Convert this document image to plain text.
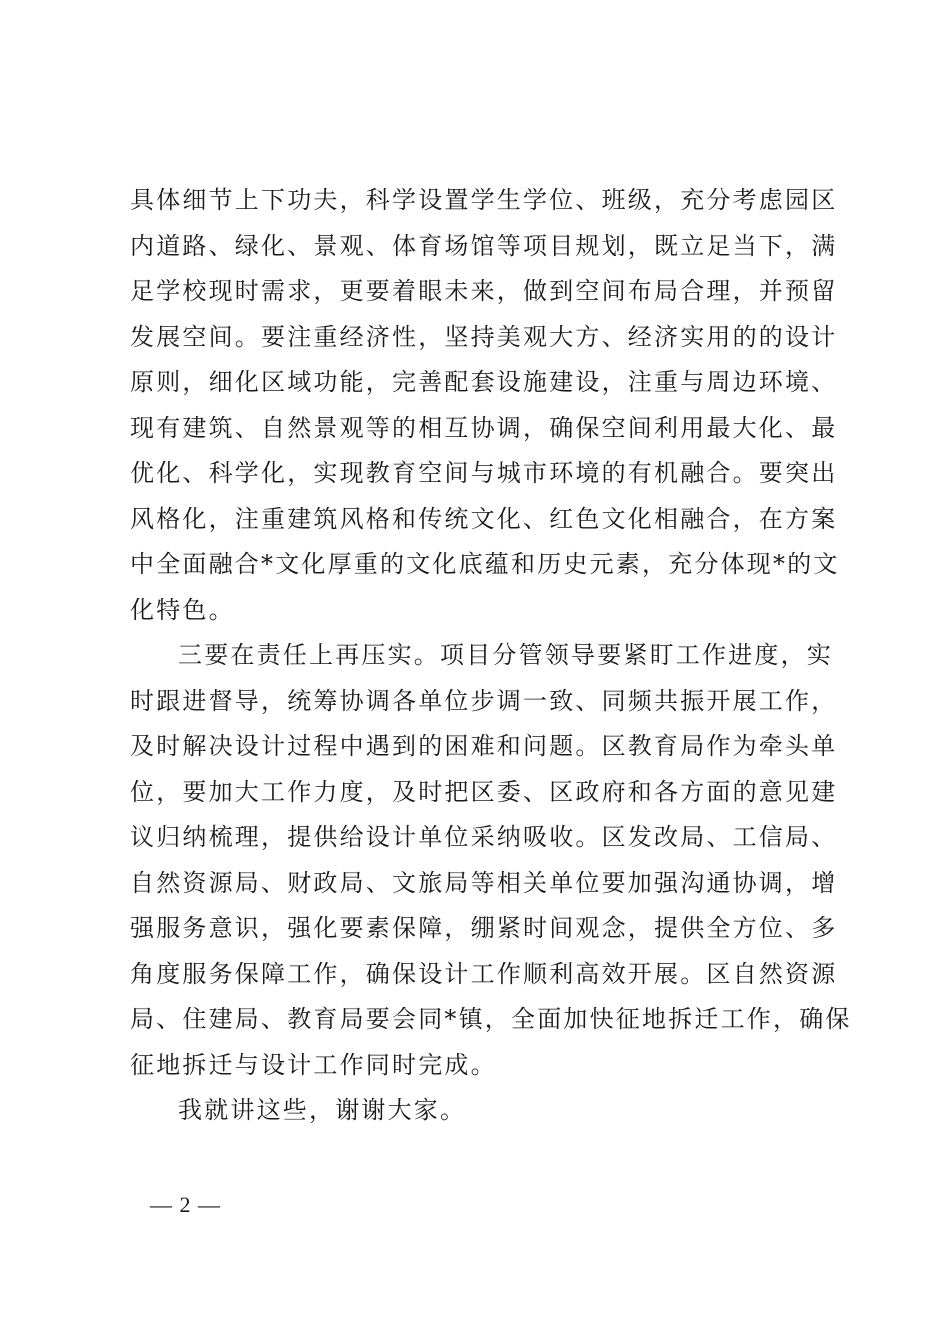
具体细节上下功夫，科学设置学生学位、班级，充分考虑园区
内道路、绿化、景观、体育场馆等项目规划，既立足当下，满
足学校现时需求，更要着眼未来，做到空间布局合理，并预留
发展空间。要注重经济性，坚持美观大方、经济实用的的设计
原则，细化区域功能，完善配套设施建设，注重与周边环境、
现有建筑、自然景观等的相互协调，确保空间利用最大化、最
优化、科学化，实现教育空间与城市环境的有机融合。要突出
风格化，注重建筑风格和传统文化、红色文化相融合，在方案
中全面融合*文化厚重的文化底蕴和历史元素，充分体现*的文
化特色。
三要在责任上再压实。项目分管领导要紧盯工作进度，实
时跟进督导，统筹协调各单位步调一致、同频共振开展工作，
及时解决设计过程中遇到的困难和问题。区教育局作为牵头单
位，要加大工作力度，及时把区委、区政府和各方面的意见建
议归纳梳理，提供给设计单位采纳吸收。区发改局、工信局、
自然资源局、财政局、文旅局等相关单位要加强沟通协调，增
强服务意识，强化要素保障，绷紧时间观念，提供全方位、多
角度服务保障工作，确保设计工作顺利高效开展。区自然资源
局、住建局、教育局要会同*镇，全面加快征地拆迁工作，确保
征地拆迁与设计工作同时完成。
我就讲这些，谢谢大家。
— 2 —
